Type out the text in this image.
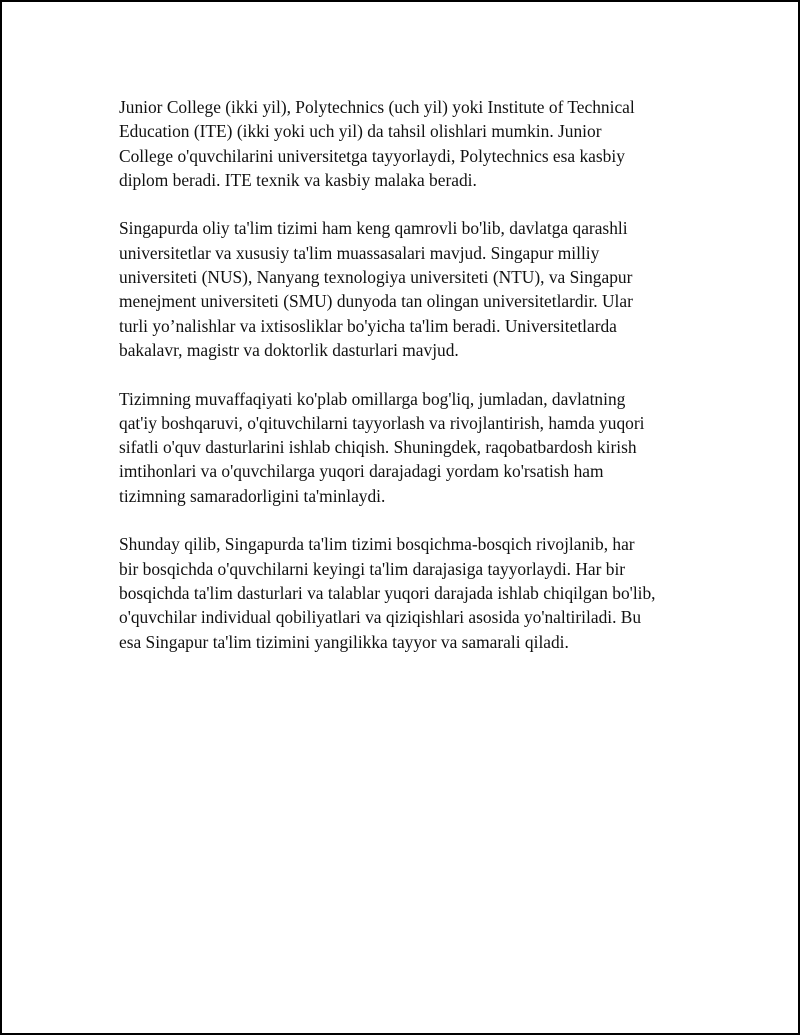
Junior College (ikki yil), Polytechnics (uch yil) yoki Institute of Technical
Education (ITE) (ikki yoki uch yil) da tahsil olishlari mumkin. Junior
College o'quvchilarini universitetga tayyorlaydi, Polytechnics esa kasbiy
diplom beradi. ITE texnik va kasbiy malaka beradi.

Singapurda oliy ta'lim tizimi ham keng qamrovli bo'lib, davlatga qarashli
universitetlar va xususiy ta'lim muassasalari mavjud. Singapur milliy
universiteti (NUS), Nanyang texnologiya universiteti (NTU), va Singapur
menejment universiteti (SMU) dunyoda tan olingan universitetlardir. Ular
turli yo’nalishlar va ixtisosliklar bo'yicha ta'lim beradi. Universitetlarda
bakalavr, magistr va doktorlik dasturlari mavjud.

Tizimning muvaffaqiyati ko'plab omillarga bog'liq, jumladan, davlatning
qat'iy boshqaruvi, o'qituvchilarni tayyorlash va rivojlantirish, hamda yuqori
sifatli o'quv dasturlarini ishlab chiqish. Shuningdek, raqobatbardosh kirish
imtihonlari va o'quvchilarga yuqori darajadagi yordam ko'rsatish ham
tizimning samaradorligini ta'minlaydi.

Shunday qilib, Singapurda ta'lim tizimi bosqichma-bosqich rivojlanib, har
bir bosqichda o'quvchilarni keyingi ta'lim darajasiga tayyorlaydi. Har bir
bosqichda ta'lim dasturlari va talablar yuqori darajada ishlab chiqilgan bo'lib,
o'quvchilar individual qobiliyatlari va qiziqishlari asosida yo'naltiriladi. Bu
esa Singapur ta'lim tizimini yangilikka tayyor va samarali qiladi.
